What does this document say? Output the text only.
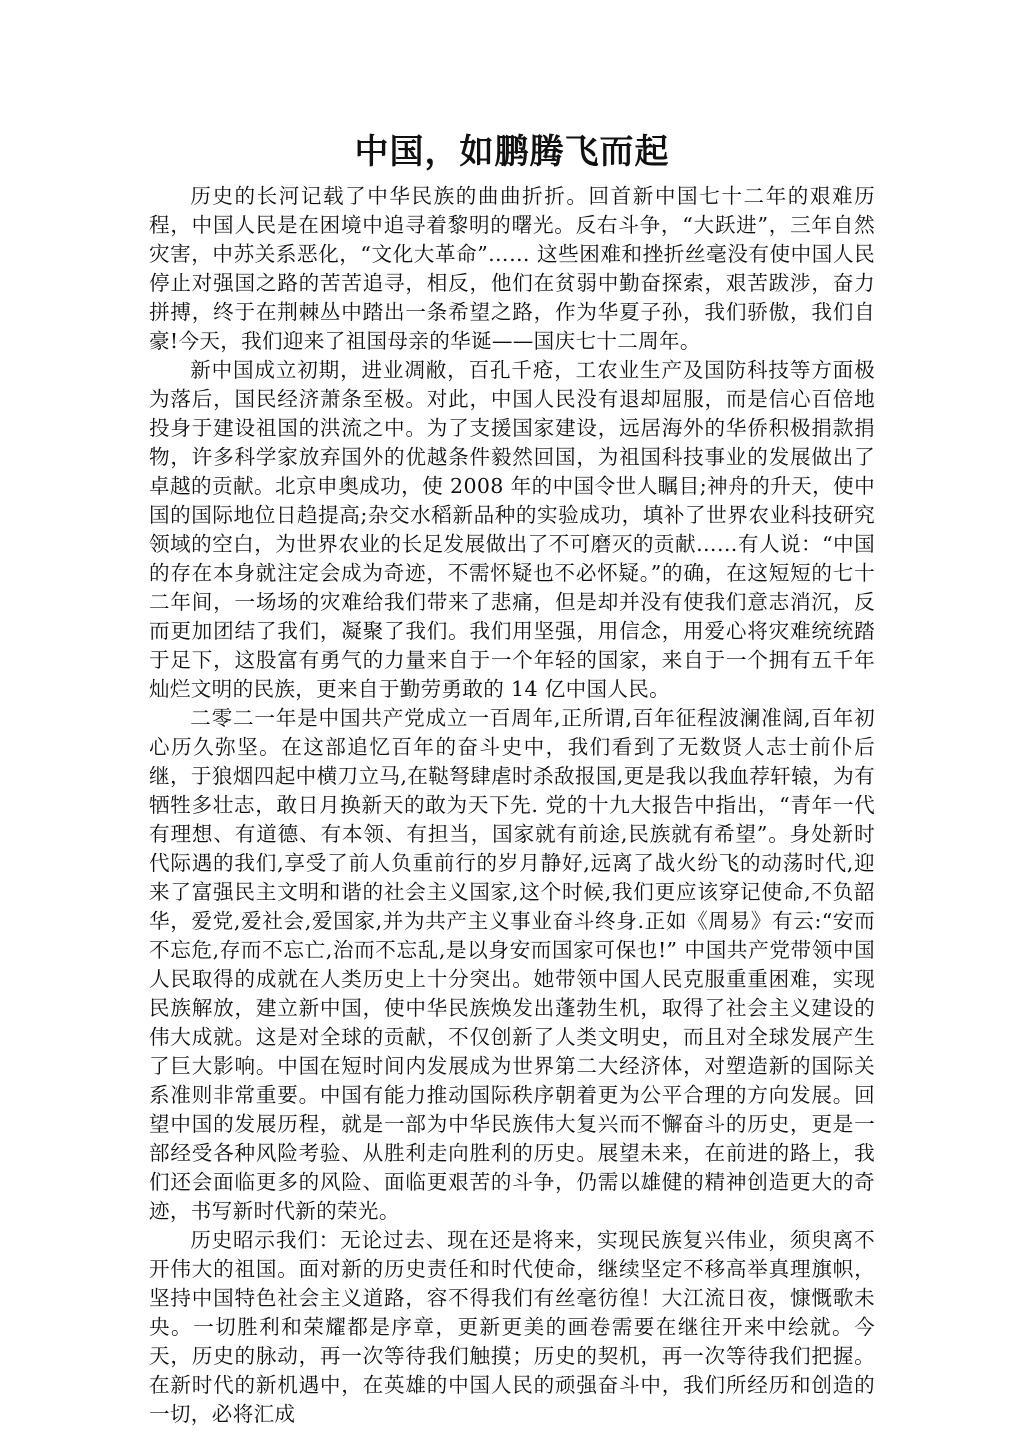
中国，如鹏腾飞而起

历史的长河记载了中华民族的曲曲折折。回首新中国七十二年的艰难历程，中国人民是在困境中追寻着黎明的曙光。反右斗争，“大跃进”，三年自然灾害，中苏关系恶化，“文化大革命”…… 这些困难和挫折丝毫没有使中国人民停止对强国之路的苦苦追寻，相反，他们在贫弱中勤奋探索，艰苦跋涉，奋力拼搏，终于在荆棘丛中踏出一条希望之路，作为华夏子孙，我们骄傲，我们自豪!今天，我们迎来了祖国母亲的华诞——国庆七十二周年。

新中国成立初期，进业凋敝，百孔千疮，工农业生产及国防科技等方面极为落后，国民经济萧条至极。对此，中国人民没有退却屈服，而是信心百倍地投身于建设祖国的洪流之中。为了支援国家建设，远居海外的华侨积极捐款捐物，许多科学家放弃国外的优越条件毅然回国，为祖国科技事业的发展做出了卓越的贡献。北京申奥成功，使 2008 年的中国令世人瞩目;神舟的升天，使中国的国际地位日趋提高;杂交水稻新品种的实验成功，填补了世界农业科技研究领域的空白，为世界农业的长足发展做出了不可磨灭的贡献……有人说：“中国的存在本身就注定会成为奇迹，不需怀疑也不必怀疑。”的确，在这短短的七十二年间，一场场的灾难给我们带来了悲痛，但是却并没有使我们意志消沉，反而更加团结了我们，凝聚了我们。我们用坚强，用信念，用爱心将灾难统统踏于足下，这股富有勇气的力量来自于一个年轻的国家，来自于一个拥有五千年灿烂文明的民族，更来自于勤劳勇敢的 14 亿中国人民。

二零二一年是中国共产党成立一百周年,正所谓,百年征程波澜准阔,百年初心历久弥坚。在这部追忆百年的奋斗史中，我们看到了无数贤人志士前仆后继，于狼烟四起中横刀立马,在鞑弩肆虐时杀敌报国,更是我以我血荐轩辕，为有牺牲多壮志，敢日月换新天的敢为天下先. 党的十九大报告中指出，“青年一代有理想、有道德、有本领、有担当，国家就有前途,民族就有希望”。身处新时代际遇的我们,享受了前人负重前行的岁月静好,远离了战火纷飞的动荡时代,迎来了富强民主文明和谐的社会主义国家,这个时候,我们更应该穿记使命,不负韶华，爱党,爱社会,爱国家,并为共产主义事业奋斗终身.正如《周易》有云:“安而不忘危,存而不忘亡,治而不忘乱,是以身安而国家可保也!” 中国共产党带领中国人民取得的成就在人类历史上十分突出。她带领中国人民克服重重困难，实现民族解放，建立新中国，使中华民族焕发出蓬勃生机，取得了社会主义建设的伟大成就。这是对全球的贡献，不仅创新了人类文明史，而且对全球发展产生了巨大影响。中国在短时间内发展成为世界第二大经济体，对塑造新的国际关系准则非常重要。中国有能力推动国际秩序朝着更为公平合理的方向发展。回望中国的发展历程，就是一部为中华民族伟大复兴而不懈奋斗的历史，更是一部经受各种风险考验、从胜利走向胜利的历史。展望未来，在前进的路上，我们还会面临更多的风险、面临更艰苦的斗争，仍需以雄健的精神创造更大的奇迹，书写新时代新的荣光。

历史昭示我们：无论过去、现在还是将来，实现民族复兴伟业，须臾离不开伟大的祖国。面对新的历史责任和时代使命，继续坚定不移高举真理旗帜，坚持中国特色社会主义道路，容不得我们有丝毫彷徨！大江流日夜，慷慨歌未央。一切胜利和荣耀都是序章，更新更美的画卷需要在继往开来中绘就。今天，历史的脉动，再一次等待我们触摸；历史的契机，再一次等待我们把握。在新时代的新机遇中，在英雄的中国人民的顽强奋斗中，我们所经历和创造的一切，必将汇成
